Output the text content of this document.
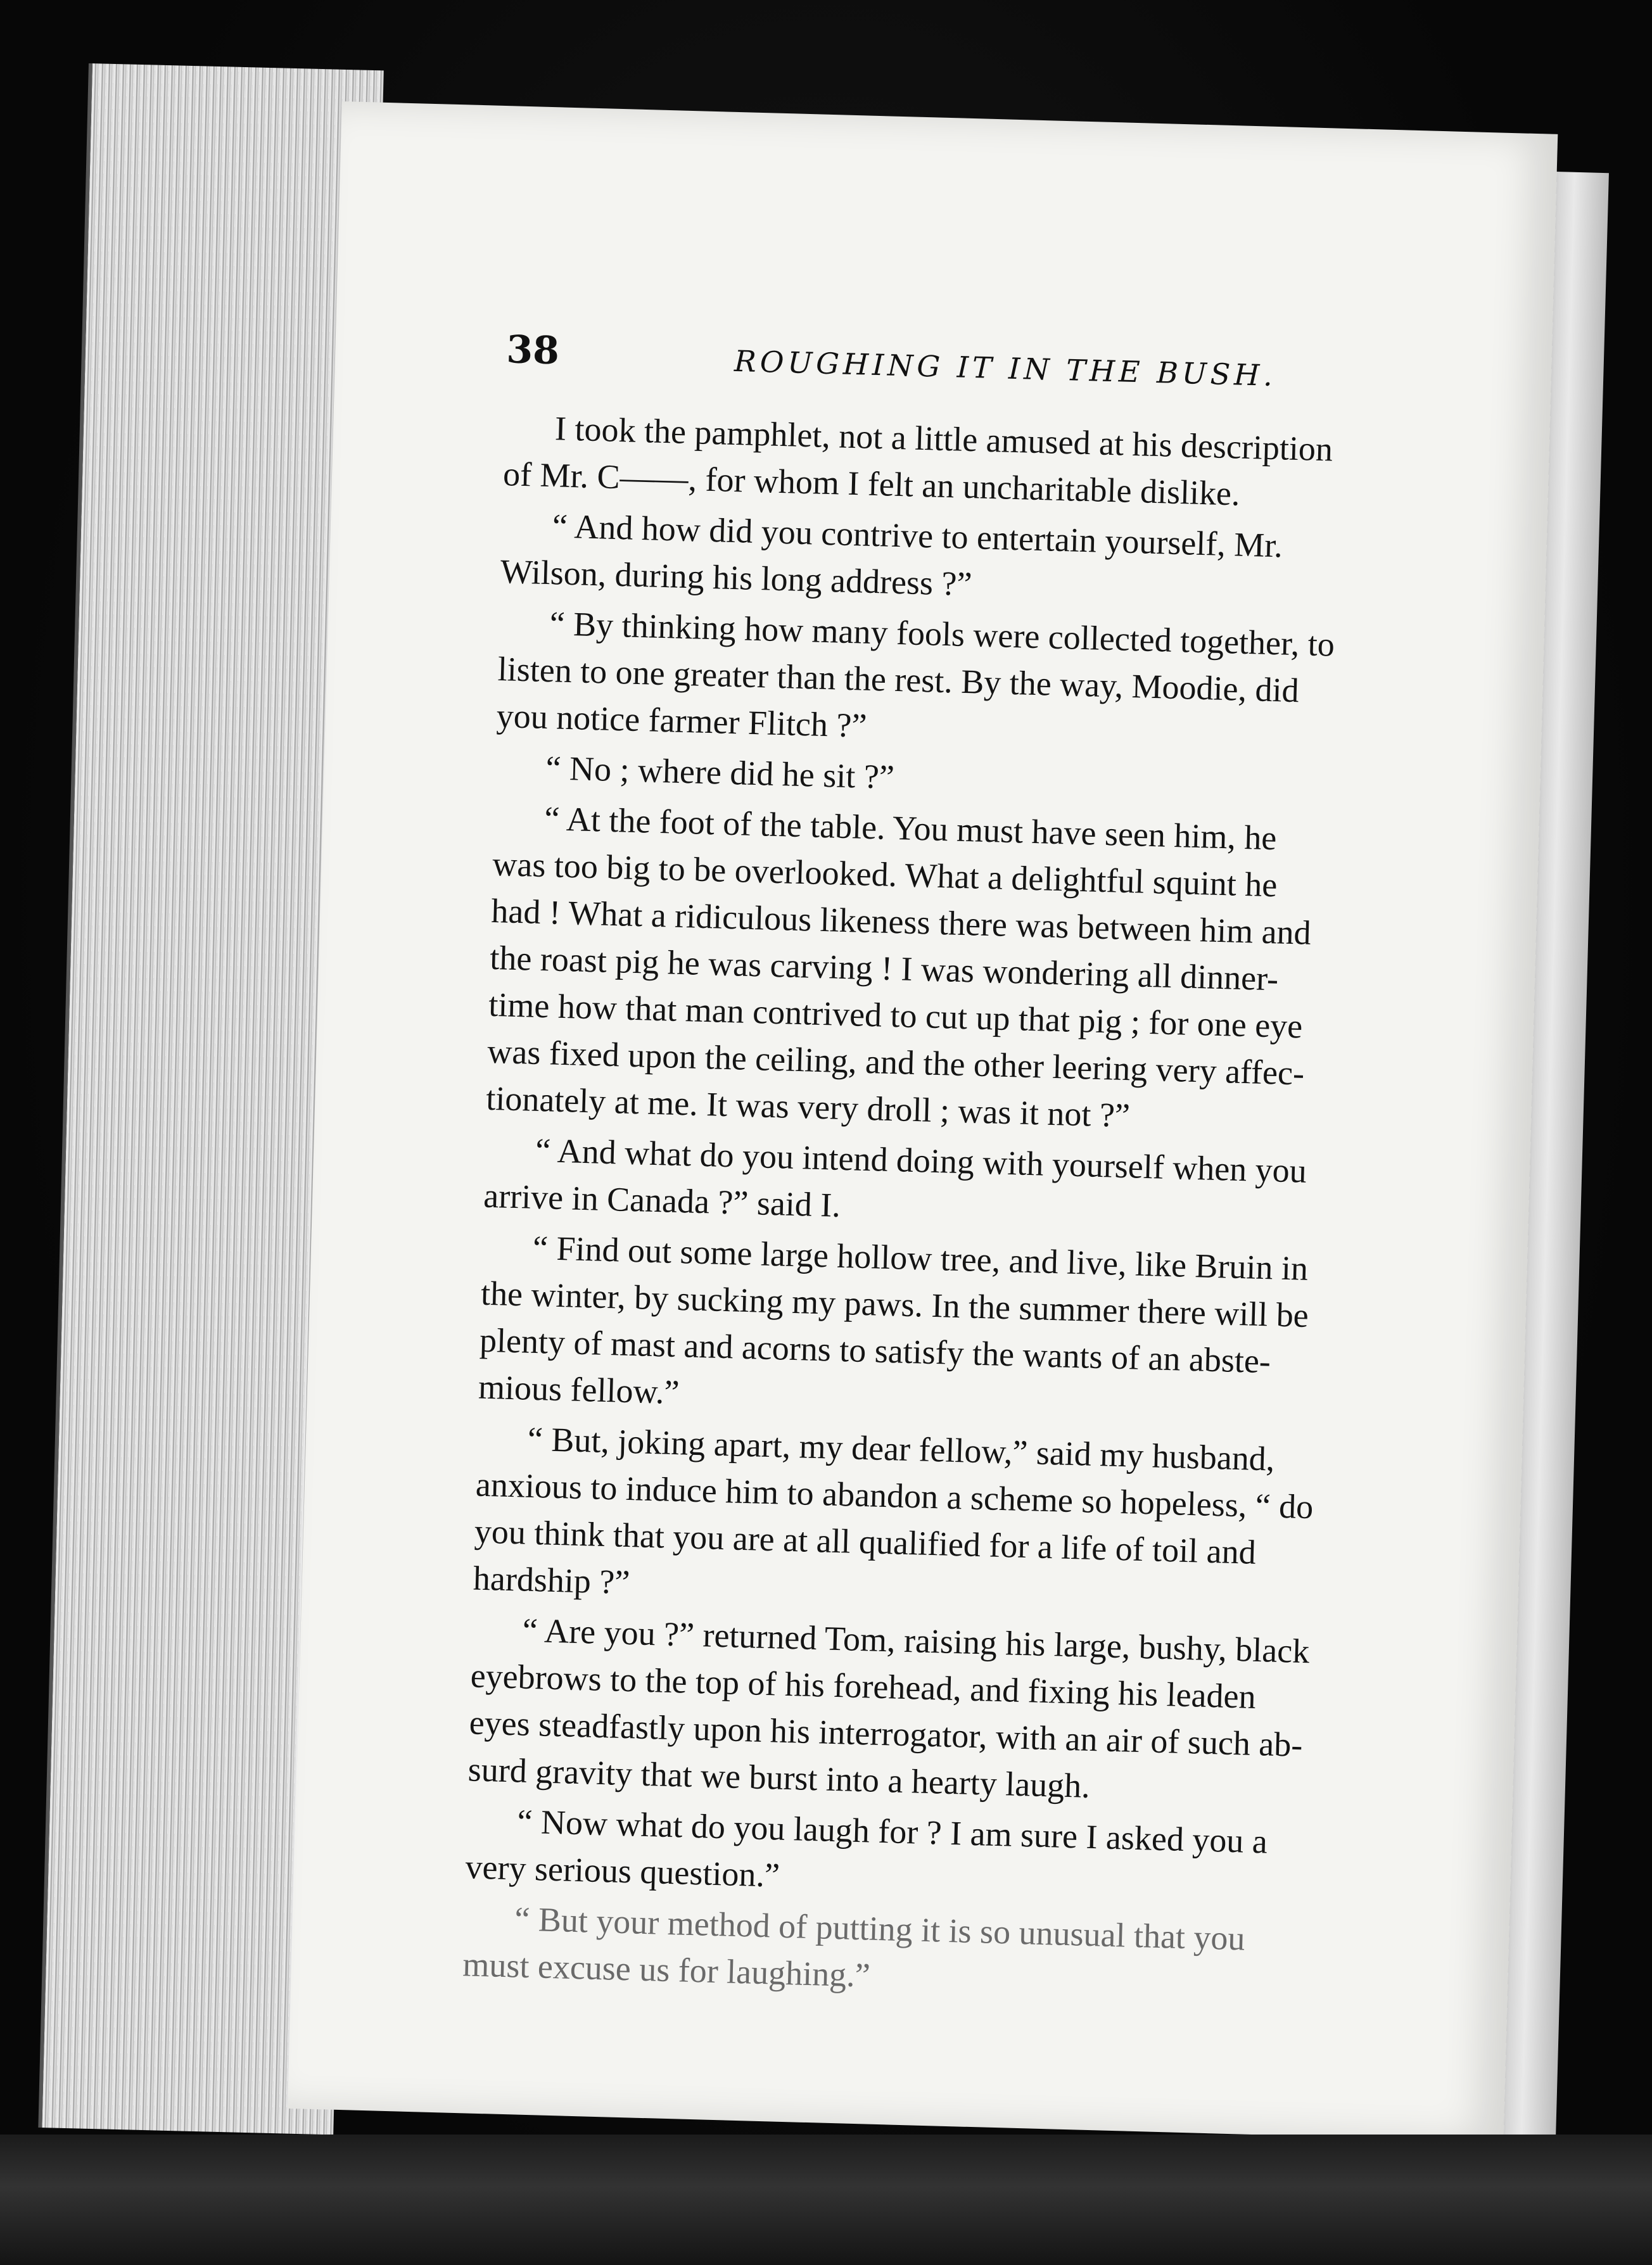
38	ROUGHING IT IN THE BUSH.

I took the pamphlet, not a little amused at his description
of Mr. C——, for whom I felt an uncharitable dislike.

“ And how did you contrive to entertain yourself, Mr.
Wilson, during his long address ?”

“ By thinking how many fools were collected together, to
listen to one greater than the rest. By the way, Moodie, did
you notice farmer Flitch ?”

“ No ; where did he sit ?”

“ At the foot of the table. You must have seen him, he
was too big to be overlooked. What a delightful squint he
had ! What a ridiculous likeness there was between him and
the roast pig he was carving ! I was wondering all dinner-
time how that man contrived to cut up that pig ; for one eye
was fixed upon the ceiling, and the other leering very affec-
tionately at me. It was very droll ; was it not ?”

“ And what do you intend doing with yourself when you
arrive in Canada ?” said I.

“ Find out some large hollow tree, and live, like Bruin in
the winter, by sucking my paws. In the summer there will be
plenty of mast and acorns to satisfy the wants of an abste-
mious fellow.”

“ But, joking apart, my dear fellow,” said my husband,
anxious to induce him to abandon a scheme so hopeless, “ do
you think that you are at all qualified for a life of toil and
hardship ?”

“ Are you ?” returned Tom, raising his large, bushy, black
eyebrows to the top of his forehead, and fixing his leaden
eyes steadfastly upon his interrogator, with an air of such ab-
surd gravity that we burst into a hearty laugh.

“ Now what do you laugh for ? I am sure I asked you a
very serious question.”

“ But your method of putting it is so unusual that you
must excuse us for laughing.”
